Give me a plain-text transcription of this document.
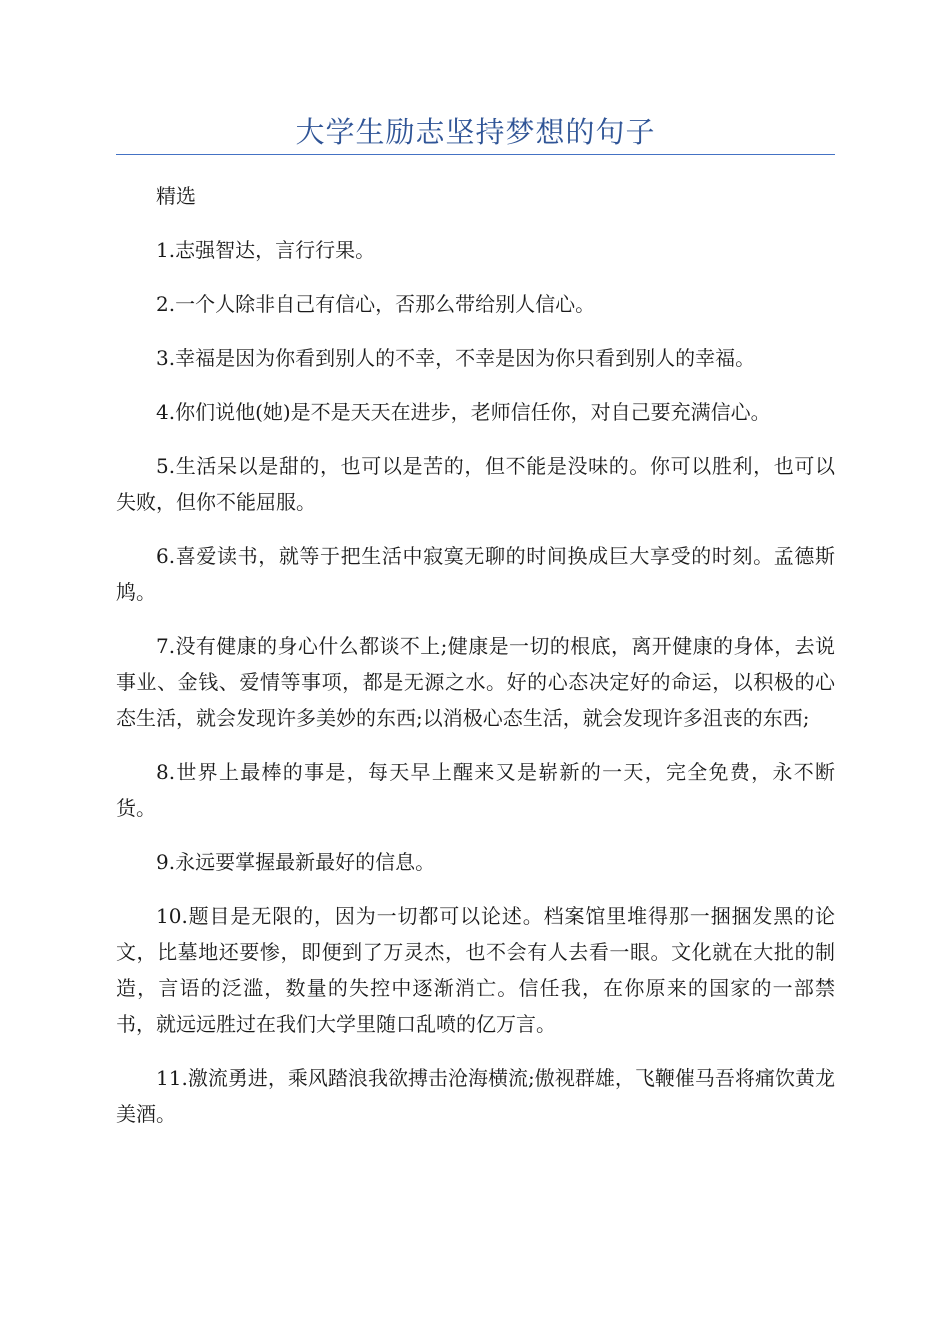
大学生励志坚持梦想的句子

精选

1.志强智达，言行行果。

2.一个人除非自己有信心，否那么带给别人信心。

3.幸福是因为你看到别人的不幸，不幸是因为你只看到别人的幸福。

4.你们说他(她)是不是天天在进步，老师信任你，对自己要充满信心。

5.生活呆以是甜的，也可以是苦的，但不能是没味的。你可以胜利，也可以失败，但你不能屈服。

6.喜爱读书，就等于把生活中寂寞无聊的时间换成巨大享受的时刻。孟德斯鸠。

7.没有健康的身心什么都谈不上;健康是一切的根底，离开健康的身体，去说事业、金钱、爱情等事项，都是无源之水。好的心态决定好的命运，以积极的心态生活，就会发现许多美妙的东西;以消极心态生活，就会发现许多沮丧的东西;

8.世界上最棒的事是，每天早上醒来又是崭新的一天，完全免费，永不断货。

9.永远要掌握最新最好的信息。

10.题目是无限的，因为一切都可以论述。档案馆里堆得那一捆捆发黑的论文，比墓地还要惨，即便到了万灵杰，也不会有人去看一眼。文化就在大批的制造，言语的泛滥，数量的失控中逐渐消亡。信任我，在你原来的国家的一部禁书，就远远胜过在我们大学里随口乱喷的亿万言。

11.激流勇进，乘风踏浪我欲搏击沧海横流;傲视群雄，飞鞭催马吾将痛饮黄龙美酒。
